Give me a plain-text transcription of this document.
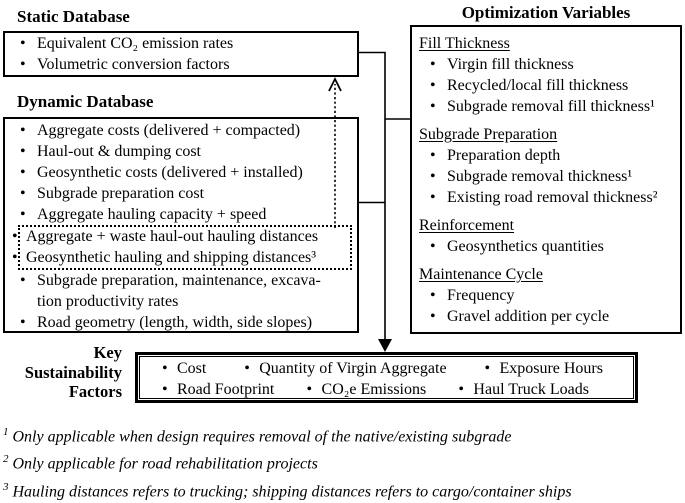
Static Database
Dynamic Database
Optimization Variables
•
Equivalent CO₂ emission rates
•
Volumetric conversion factors
•
Aggregate costs (delivered + compacted)
•
Haul-out & dumping cost
•
Geosynthetic costs (delivered + installed)
•
Subgrade preparation cost
•
Aggregate hauling capacity + speed
•
Aggregate + waste haul-out hauling distances
•
Geosynthetic hauling and shipping distances³
•
Subgrade preparation, maintenance, excava-
tion productivity rates
•
Road geometry (length, width, side slopes)
Fill Thickness
•
Virgin fill thickness
•
Recycled/local fill thickness
•
Subgrade removal fill thickness¹
Subgrade Preparation
•
Preparation depth
•
Subgrade removal thickness¹
•
Existing road removal thickness²
Reinforcement
•
Geosynthetics quantities
Maintenance Cycle
•
Frequency
•
Gravel addition per cycle
Key
Sustainability
Factors
•
Cost •	Quantity of Virgin Aggregate •	Exposure Hours
•
Road Footprint •	CO₂e Emissions •	Haul Truck Loads
$^1$ Only applicable when design requires removal of the native/existing subgrade
$^2$ Only applicable for road rehabilitation projects
$^3$ Hauling distances refers to trucking; shipping distances refers to cargo/container ships
